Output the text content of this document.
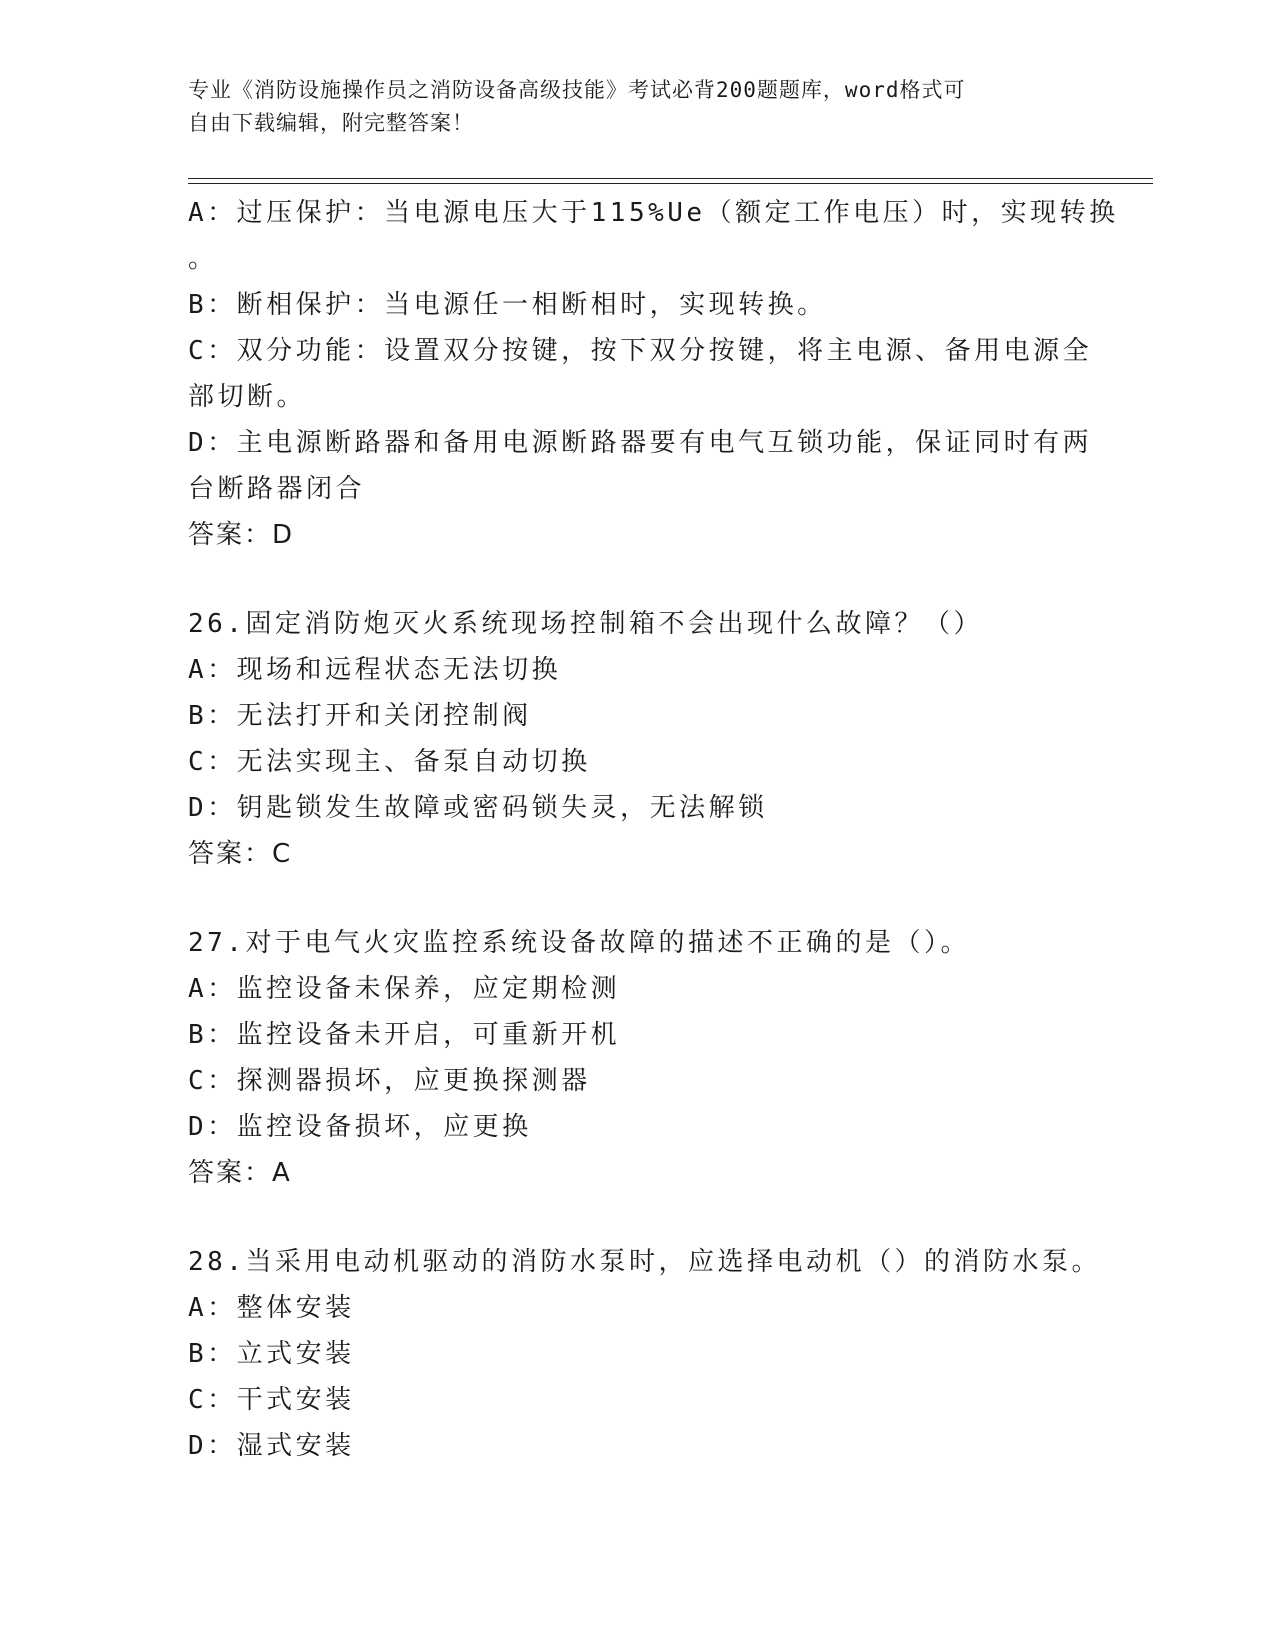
专业《消防设施操作员之消防设备高级技能》考试必背200题题库，word格式可

自由下载编辑，附完整答案！

A：过压保护：当电源电压大于115%Ue（额定工作电压）时，实现转换

。

B：断相保护：当电源任一相断相时，实现转换。

C：双分功能：设置双分按键，按下双分按键，将主电源、备用电源全

部切断。

D：主电源断路器和备用电源断路器要有电气互锁功能，保证同时有两

台断路器闭合

答案：D

26.固定消防炮灭火系统现场控制箱不会出现什么故障？（）

A：现场和远程状态无法切换

B：无法打开和关闭控制阀

C：无法实现主、备泵自动切换

D：钥匙锁发生故障或密码锁失灵，无法解锁

答案：C

27.对于电气火灾监控系统设备故障的描述不正确的是（）。

A：监控设备未保养，应定期检测

B：监控设备未开启，可重新开机

C：探测器损坏，应更换探测器

D：监控设备损坏，应更换

答案：A

28.当采用电动机驱动的消防水泵时，应选择电动机（）的消防水泵。

A：整体安装

B：立式安装

C：干式安装

D：湿式安装
